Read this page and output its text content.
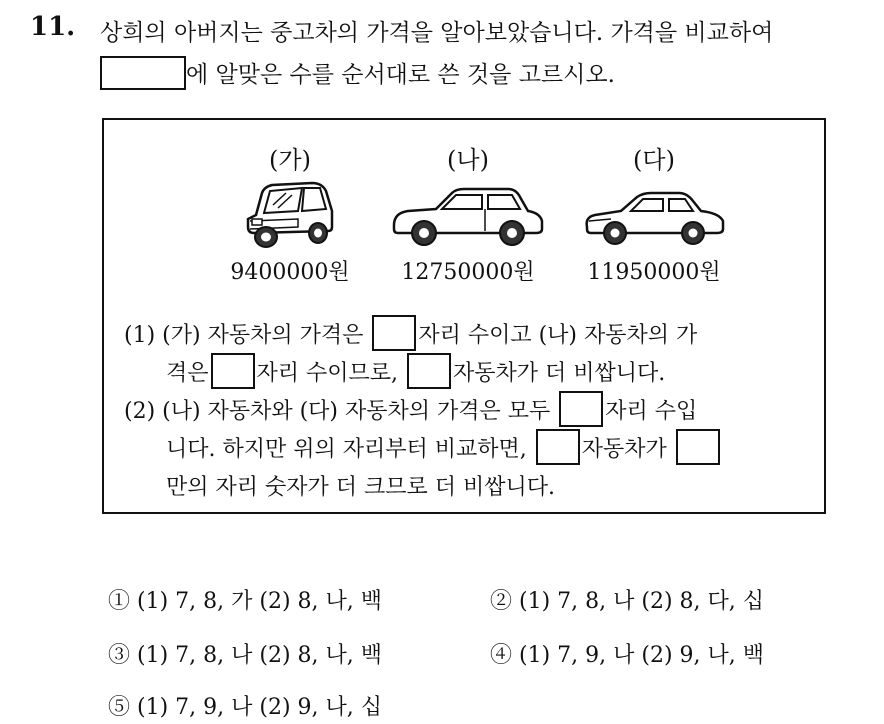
11. 상희의 아버지는 중고차의 가격을 알아보았습니다. 가격을 비교하여
에 알맞은 수를 순서대로 쓴 것을 고르시오.
(가)
9400000원
(나)
12750000원
(다)
11950000원
(1) (가) 자동차의 가격은	자리 수이고 (나) 자동차의 가
격은 자리 수이므로,	자동차가 더 비쌉니다.
(2) (나) 자동차와 (다) 자동차의 가격은 모두	자리 수입
니다. 하지만 위의 자리부터 비교하면,	자동차가
만의 자리 숫자가 더 크므로 더 비쌉니다.
① (1) 7, 8, 가 (2) 8, 나, 백	② (1) 7, 8, 나 (2) 8, 다, 십
③ (1) 7, 8, 나 (2) 8, 나, 백	④ (1) 7, 9, 나 (2) 9, 나, 백
⑤ (1) 7, 9, 나 (2) 9, 나, 십
